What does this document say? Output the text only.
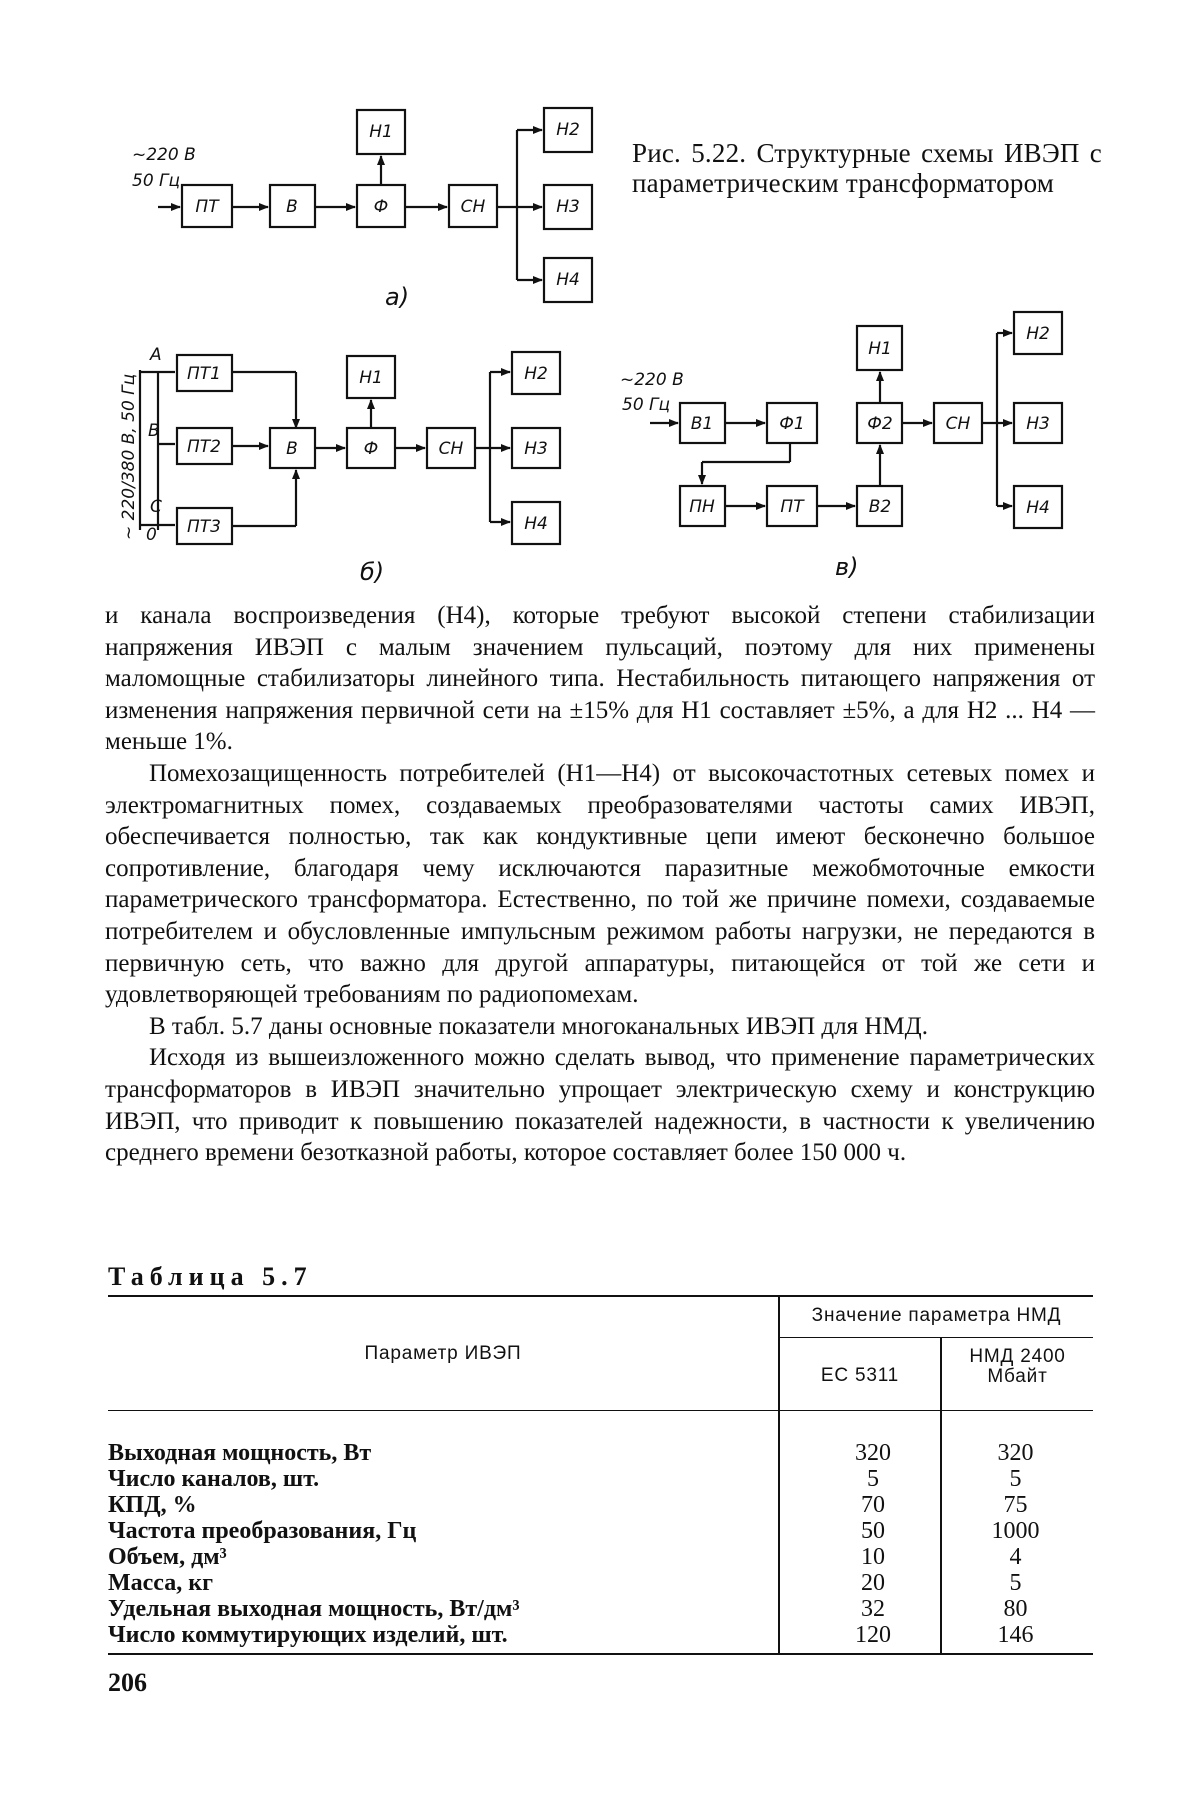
~220 В
50 Гц
ПТ	В	Ф	СН
Н1	Н2
Н3
Н4
а)
~ 220/380 В, 50 Гц
А
В
С
0
ПТ1
ПТ2
ПТ3
В	Ф	СН
Н1	Н2
Н3
Н4
б)
~220 В
50 Гц
В1	Ф1
ПН	ПТ	В2
Ф2	СН
Н1
Н2
Н3
Н4
в)
Рис. 5.22. Структурные схемы ИВЭП с параметрическим трансформатором

и канала воспроизведения (Н4), которые требуют высокой степени стабилизации напряжения ИВЭП с малым значением пульсаций, поэтому для них применены маломощные стабилизаторы линейного типа. Нестабильность питающего напряжения от изменения напряжения первичной сети на ±15% для Н1 составляет ±5%, а для Н2 ... Н4 — меньше 1%.

Помехозащищенность потребителей (Н1—Н4) от высокочастотных сетевых помех и электромагнитных помех, создаваемых преобразователями частоты самих ИВЭП, обеспечивается полностью, так как кондуктивные цепи имеют бесконечно большое сопротивление, благодаря чему исключаются паразитные межобмоточные емкости параметрического трансформатора. Естественно, по той же причине помехи, создаваемые потребителем и обусловленные импульсным режимом работы нагрузки, не передаются в первичную сеть, что важно для другой аппаратуры, питающейся от той же сети и удовлетворяющей требованиям по радиопомехам.

В табл. 5.7 даны основные показатели многоканальных ИВЭП для НМД.

Исходя из вышеизложенного можно сделать вывод, что применение параметрических трансформаторов в ИВЭП значительно упрощает электрическую схему и конструкцию ИВЭП, что приводит к повышению показателей надежности, в частности к увеличению среднего времени безотказной работы, которое составляет более 150 000 ч.

Таблица 5.7
Параметр ИВЭП
Значение параметра НМД
ЕС 5311
НМД 2400
Мбайт
Выходная мощность, Вт	320	320
Число каналов, шт.	5	5
КПД, %	70	75
Частота преобразования, Гц	50	1000
Объем, дм³	10	4
Масса, кг	20	5
Удельная выходная мощность, Вт/дм³	32	80
Число коммутирующих изделий, шт.	120	146
206
